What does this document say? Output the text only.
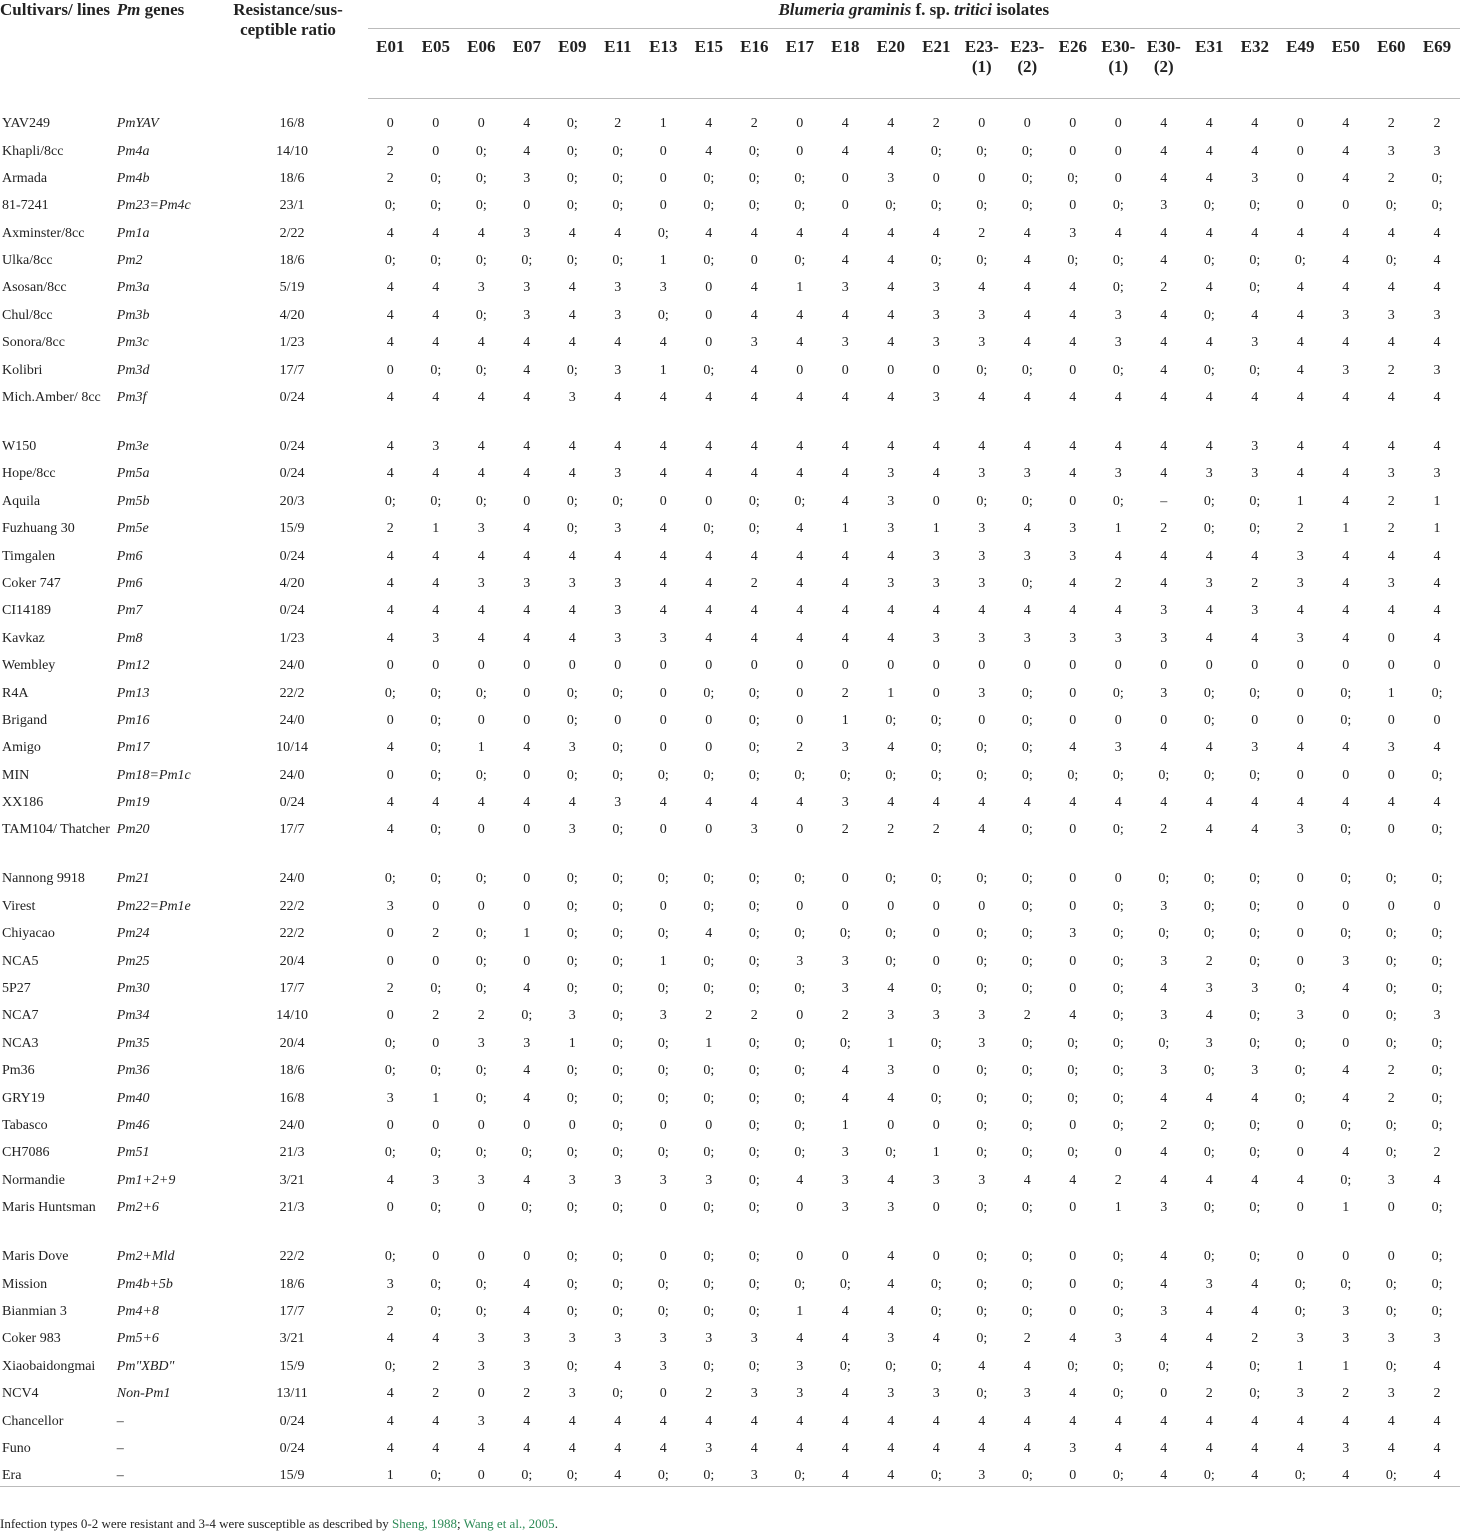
Cultivars/ lines	Pm genes	Resistance/sus-ceptible ratio	Blumeria graminis f. sp. tritici isolates																							
			E01	E05	E06	E07	E09	E11	E13	E15	E16	E17	E18	E20	E21	E23-(1)	E23-(2)	E26	E30-(1)	E30-(2)	E31	E32	E49	E50	E60	E69
YAV249	PmYAV	16/8	0	0	0	4	0;	2	1	4	2	0	4	4	2	0	0	0	0	4	4	4	0	4	2	2
Khapli/8cc	Pm4a	14/10	2	0	0;	4	0;	0;	0	4	0;	0	4	4	0;	0;	0;	0	0	4	4	4	0	4	3	3
Armada	Pm4b	18/6	2	0;	0;	3	0;	0;	0	0;	0;	0;	0	3	0	0	0;	0;	0	4	4	3	0	4	2	0;
81-7241	Pm23=Pm4c	23/1	0;	0;	0;	0	0;	0;	0	0;	0;	0;	0	0;	0;	0;	0;	0	0;	3	0;	0;	0	0	0;	0;
Axminster/8cc	Pm1a	2/22	4	4	4	3	4	4	0;	4	4	4	4	4	4	2	4	3	4	4	4	4	4	4	4	4
Ulka/8cc	Pm2	18/6	0;	0;	0;	0;	0;	0;	1	0;	0	0;	4	4	0;	0;	4	0;	0;	4	0;	0;	0;	4	0;	4
Asosan/8cc	Pm3a	5/19	4	4	3	3	4	3	3	0	4	1	3	4	3	4	4	4	0;	2	4	0;	4	4	4	4
Chul/8cc	Pm3b	4/20	4	4	0;	3	4	3	0;	0	4	4	4	4	3	3	4	4	3	4	0;	4	4	3	3	3
Sonora/8cc	Pm3c	1/23	4	4	4	4	4	4	4	0	3	4	3	4	3	3	4	4	3	4	4	3	4	4	4	4
Kolibri	Pm3d	17/7	0	0;	0;	4	0;	3	1	0;	4	0	0	0	0	0;	0;	0	0;	4	0;	0;	4	3	2	3
Mich.Amber/ 8cc	Pm3f	0/24	4	4	4	4	3	4	4	4	4	4	4	4	3	4	4	4	4	4	4	4	4	4	4	4
W150	Pm3e	0/24	4	3	4	4	4	4	4	4	4	4	4	4	4	4	4	4	4	4	4	3	4	4	4	4
Hope/8cc	Pm5a	0/24	4	4	4	4	4	3	4	4	4	4	4	3	4	3	3	4	3	4	3	3	4	4	3	3
Aquila	Pm5b	20/3	0;	0;	0;	0	0;	0;	0	0	0;	0;	4	3	0	0;	0;	0	0;	–	0;	0;	1	4	2	1
Fuzhuang 30	Pm5e	15/9	2	1	3	4	0;	3	4	0;	0;	4	1	3	1	3	4	3	1	2	0;	0;	2	1	2	1
Timgalen	Pm6	0/24	4	4	4	4	4	4	4	4	4	4	4	4	3	3	3	3	4	4	4	4	3	4	4	4
Coker 747	Pm6	4/20	4	4	3	3	3	3	4	4	2	4	4	3	3	3	0;	4	2	4	3	2	3	4	3	4
CI14189	Pm7	0/24	4	4	4	4	4	3	4	4	4	4	4	4	4	4	4	4	4	3	4	3	4	4	4	4
Kavkaz	Pm8	1/23	4	3	4	4	4	3	3	4	4	4	4	4	3	3	3	3	3	3	4	4	3	4	0	4
Wembley	Pm12	24/0	0	0	0	0	0	0	0	0	0	0	0	0	0	0	0	0	0	0	0	0	0	0	0	0
R4A	Pm13	22/2	0;	0;	0;	0	0;	0;	0	0;	0;	0	2	1	0	3	0;	0	0;	3	0;	0;	0	0;	1	0;
Brigand	Pm16	24/0	0	0;	0	0	0;	0	0	0	0;	0	1	0;	0;	0	0;	0	0	0	0;	0	0	0;	0	0
Amigo	Pm17	10/14	4	0;	1	4	3	0;	0	0	0;	2	3	4	0;	0;	0;	4	3	4	4	3	4	4	3	4
MIN	Pm18=Pm1c	24/0	0	0;	0;	0	0;	0;	0;	0;	0;	0;	0;	0;	0;	0;	0;	0;	0;	0;	0;	0;	0	0	0	0;
XX186	Pm19	0/24	4	4	4	4	4	3	4	4	4	4	3	4	4	4	4	4	4	4	4	4	4	4	4	4
TAM104/ Thatcher	Pm20	17/7	4	0;	0	0	3	0;	0	0	3	0	2	2	2	4	0;	0	0;	2	4	4	3	0;	0	0;
Nannong 9918	Pm21	24/0	0;	0;	0;	0	0;	0;	0;	0;	0;	0;	0	0;	0;	0;	0;	0	0	0;	0;	0;	0	0;	0;	0;
Virest	Pm22=Pm1e	22/2	3	0	0	0	0;	0;	0	0;	0;	0	0	0	0	0	0;	0	0;	3	0;	0;	0	0	0	0
Chiyacao	Pm24	22/2	0	2	0;	1	0;	0;	0;	4	0;	0;	0;	0;	0	0;	0;	3	0;	0;	0;	0;	0	0;	0;	0;
NCA5	Pm25	20/4	0	0	0;	0	0;	0;	1	0;	0;	3	3	0;	0	0;	0;	0	0;	3	2	0;	0	3	0;	0;
5P27	Pm30	17/7	2	0;	0;	4	0;	0;	0;	0;	0;	0;	3	4	0;	0;	0;	0	0;	4	3	3	0;	4	0;	0;
NCA7	Pm34	14/10	0	2	2	0;	3	0;	3	2	2	0	2	3	3	3	2	4	0;	3	4	0;	3	0	0;	3
NCA3	Pm35	20/4	0;	0	3	3	1	0;	0;	1	0;	0;	0;	1	0;	3	0;	0;	0;	0;	3	0;	0;	0	0;	0;
Pm36	Pm36	18/6	0;	0;	0;	4	0;	0;	0;	0;	0;	0;	4	3	0	0;	0;	0;	0;	3	0;	3	0;	4	2	0;
GRY19	Pm40	16/8	3	1	0;	4	0;	0;	0;	0;	0;	0;	4	4	0;	0;	0;	0;	0;	4	4	4	0;	4	2	0;
Tabasco	Pm46	24/0	0	0	0	0	0	0;	0	0	0;	0;	1	0	0	0;	0;	0	0;	2	0;	0;	0	0;	0;	0;
CH7086	Pm51	21/3	0;	0;	0;	0;	0;	0;	0;	0;	0;	0;	3	0;	1	0;	0;	0;	0	4	0;	0;	0	4	0;	2
Normandie	Pm1+2+9	3/21	4	3	3	4	3	3	3	3	0;	4	3	4	3	3	4	4	2	4	4	4	4	0;	3	4
Maris Huntsman	Pm2+6	21/3	0	0;	0	0;	0;	0;	0	0;	0;	0	3	3	0	0;	0;	0	1	3	0;	0;	0	1	0	0;
Maris Dove	Pm2+Mld	22/2	0;	0	0	0	0;	0;	0	0;	0;	0	0	4	0	0;	0;	0	0;	4	0;	0;	0	0	0	0;
Mission	Pm4b+5b	18/6	3	0;	0;	4	0;	0;	0;	0;	0;	0;	0;	4	0;	0;	0;	0	0;	4	3	4	0;	0;	0;	0;
Bianmian 3	Pm4+8	17/7	2	0;	0;	4	0;	0;	0;	0;	0;	1	4	4	0;	0;	0;	0	0;	3	4	4	0;	3	0;	0;
Coker 983	Pm5+6	3/21	4	4	3	3	3	3	3	3	3	4	4	3	4	0;	2	4	3	4	4	2	3	3	3	3
Xiaobaidongmai	Pm"XBD"	15/9	0;	2	3	3	0;	4	3	0;	0;	3	0;	0;	0;	4	4	0;	0;	0;	4	0;	1	1	0;	4
NCV4	Non-Pm1	13/11	4	2	0	2	3	0;	0	2	3	3	4	3	3	0;	3	4	0;	0	2	0;	3	2	3	2
Chancellor	–	0/24	4	4	3	4	4	4	4	4	4	4	4	4	4	4	4	4	4	4	4	4	4	4	4	4
Funo	–	0/24	4	4	4	4	4	4	4	3	4	4	4	4	4	4	4	3	4	4	4	4	4	3	4	4
Era	–	15/9	1	0;	0	0;	0;	4	0;	0;	3	0;	4	4	0;	3	0;	0	0;	4	0;	4	0;	4	0;	4
Infection types 0-2 were resistant and 3-4 were susceptible as described by Sheng, 1988; Wang et al., 2005.
